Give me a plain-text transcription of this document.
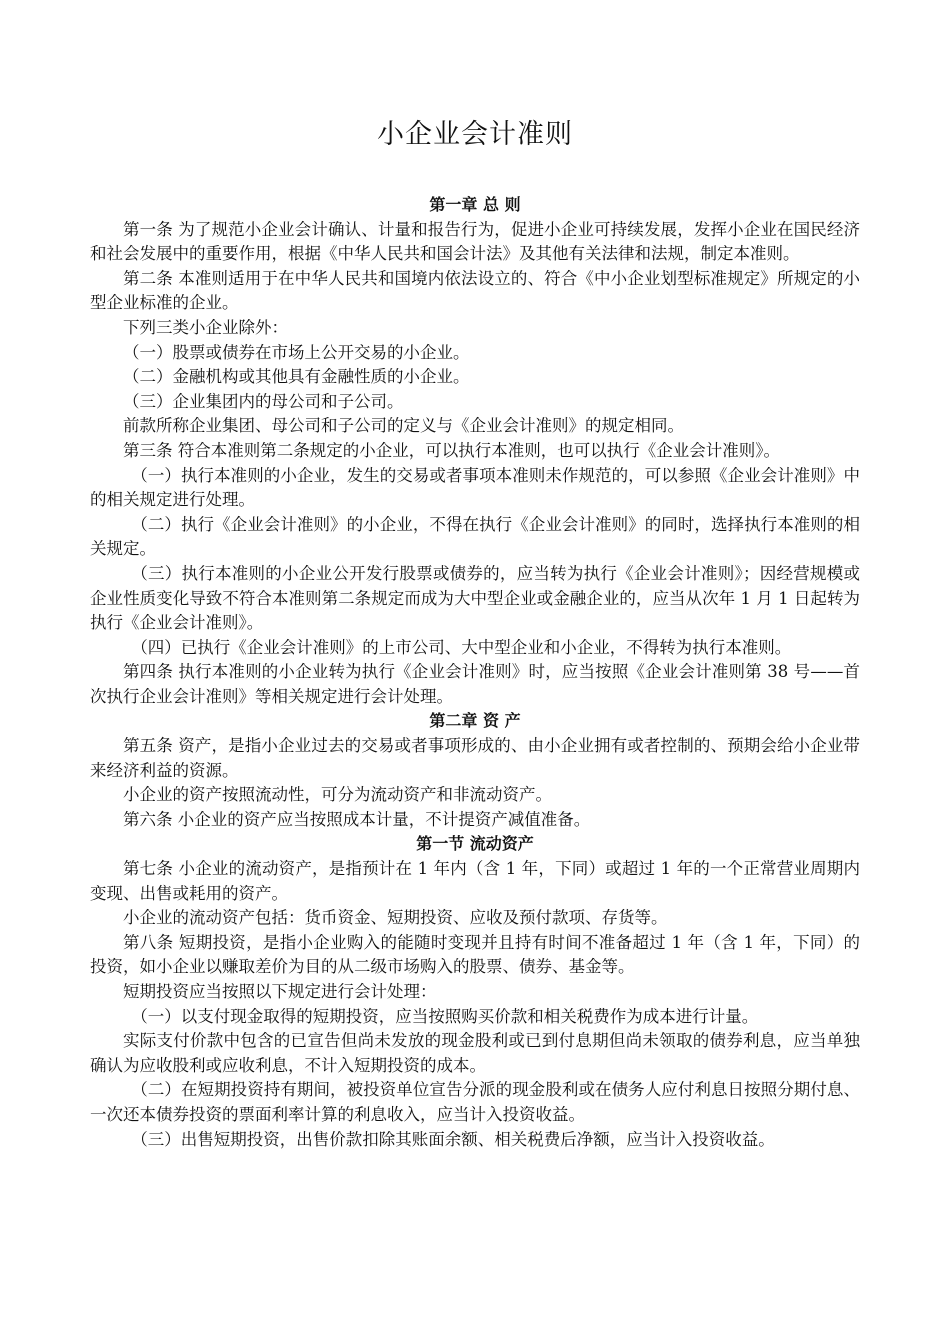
小企业会计准则
第一章 总 则
第一条 为了规范小企业会计确认、计量和报告行为，促进小企业可持续发展，发挥小企业在国民经济和社会发展中的重要作用，根据《中华人民共和国会计法》及其他有关法律和法规，制定本准则。
第二条 本准则适用于在中华人民共和国境内依法设立的、符合《中小企业划型标准规定》所规定的小型企业标准的企业。
下列三类小企业除外：
（一）股票或债券在市场上公开交易的小企业。
（二）金融机构或其他具有金融性质的小企业。
（三）企业集团内的母公司和子公司。
前款所称企业集团、母公司和子公司的定义与《企业会计准则》的规定相同。
第三条 符合本准则第二条规定的小企业，可以执行本准则，也可以执行《企业会计准则》。
（一）执行本准则的小企业，发生的交易或者事项本准则未作规范的，可以参照《企业会计准则》中的相关规定进行处理。
（二）执行《企业会计准则》的小企业，不得在执行《企业会计准则》的同时，选择执行本准则的相关规定。
（三）执行本准则的小企业公开发行股票或债券的，应当转为执行《企业会计准则》；因经营规模或企业性质变化导致不符合本准则第二条规定而成为大中型企业或金融企业的，应当从次年 1 月 1 日起转为执行《企业会计准则》。
（四）已执行《企业会计准则》的上市公司、大中型企业和小企业，不得转为执行本准则。
第四条 执行本准则的小企业转为执行《企业会计准则》时，应当按照《企业会计准则第 38 号——首次执行企业会计准则》等相关规定进行会计处理。
第二章 资 产
第五条 资产，是指小企业过去的交易或者事项形成的、由小企业拥有或者控制的、预期会给小企业带来经济利益的资源。
小企业的资产按照流动性，可分为流动资产和非流动资产。
第六条 小企业的资产应当按照成本计量，不计提资产减值准备。
第一节 流动资产
第七条 小企业的流动资产，是指预计在 1 年内（含 1 年，下同）或超过 1 年的一个正常营业周期内变现、出售或耗用的资产。
小企业的流动资产包括：货币资金、短期投资、应收及预付款项、存货等。
第八条 短期投资，是指小企业购入的能随时变现并且持有时间不准备超过 1 年（含 1 年，下同）的投资，如小企业以赚取差价为目的从二级市场购入的股票、债券、基金等。
短期投资应当按照以下规定进行会计处理：
（一）以支付现金取得的短期投资，应当按照购买价款和相关税费作为成本进行计量。
实际支付价款中包含的已宣告但尚未发放的现金股利或已到付息期但尚未领取的债券利息，应当单独确认为应收股利或应收利息，不计入短期投资的成本。
（二）在短期投资持有期间，被投资单位宣告分派的现金股利或在债务人应付利息日按照分期付息、一次还本债券投资的票面利率计算的利息收入，应当计入投资收益。
（三）出售短期投资，出售价款扣除其账面余额、相关税费后净额，应当计入投资收益。
